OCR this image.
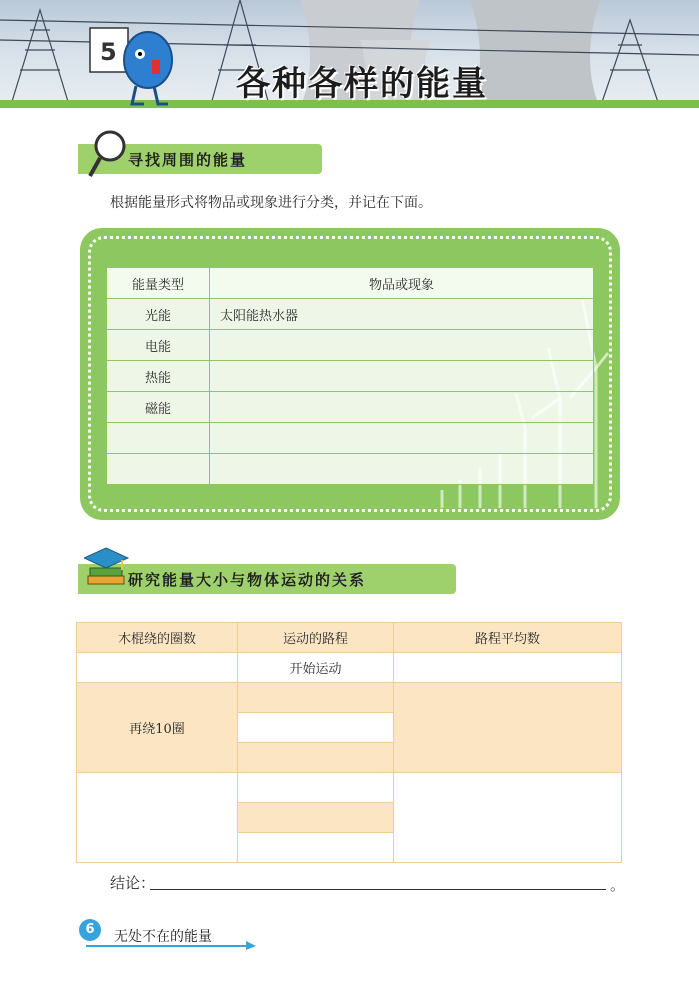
5
各种各样的能量
寻找周围的能量
根据能量形式将物品或现象进行分类，并记在下面。
能量类型	物品或现象
光能	太阳能热水器
电能	
热能	
磁能	

研究能量大小与物体运动的关系
木棍绕的圈数	运动的路程	路程平均数
	开始运动	
再绕10圈		

结论：	。
6	无处不在的能量
